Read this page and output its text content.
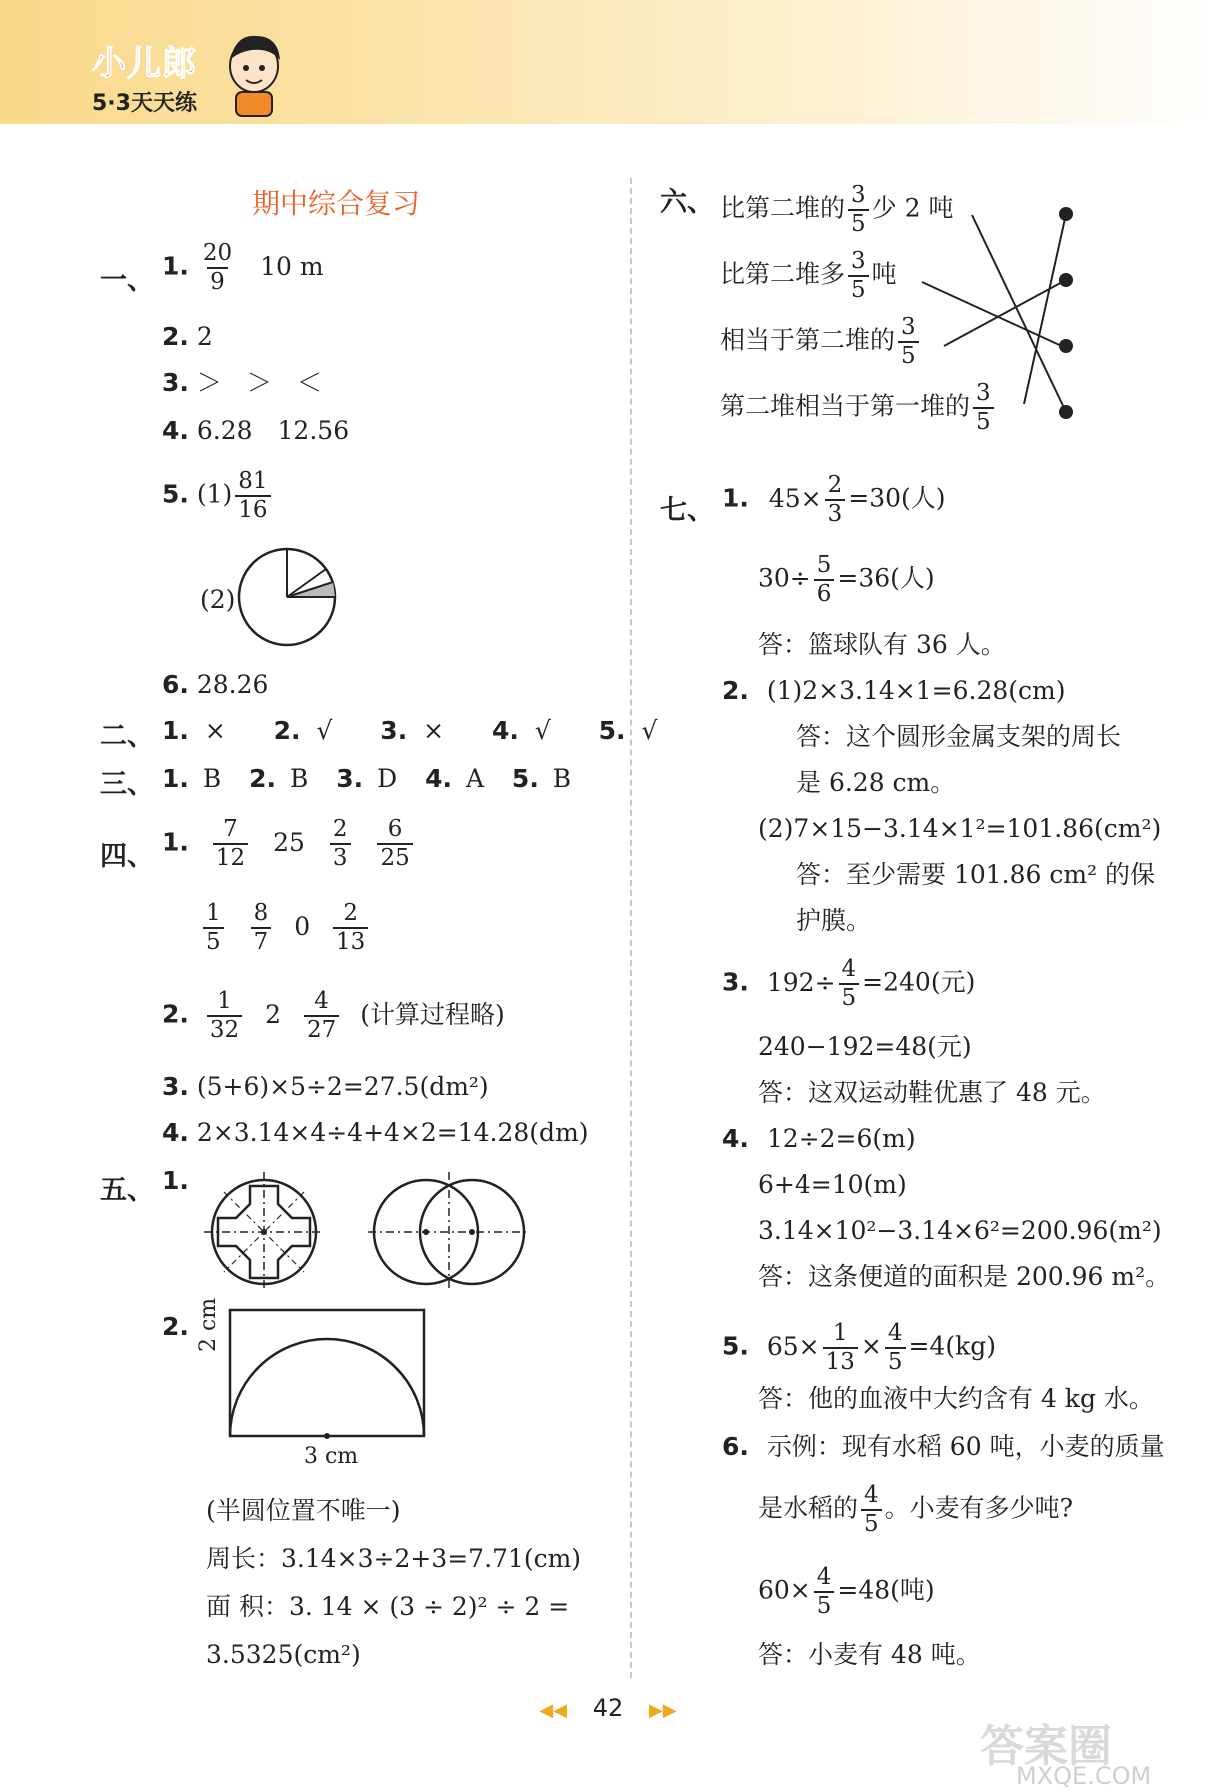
小儿郎
5·3天天练
期中综合复习
一、 1. $\frac{20}{9} 10$ m
2. 2
3. ＞　＞　＜
4. 6.28　12.56
5. $(1) \frac{81}{16}$
(2)
6. 28.26
二、 1. × 2. √ 3. × 4. √ 5. √
三、 1. B 2. B 3. D 4. A 5. B
四、 1. $\frac{7}{12} 25 \frac{2}{3}$
$\frac{6}{25}$
$\frac{1}{5}$
$\frac{8}{7} 0 \frac{2}{13}$
2. $\frac{1}{32} 2 \frac{4}{27}$ (计算过程略)
3. (5+6)×5÷2=27.5(dm²)
4. 2×3.14×4÷4+4×2=14.28(dm)
五、 1.
2. 2 cm
3 cm
(半圆位置不唯一)
周长：3.14×3÷2+3=7.71(cm)
面 积：3. 14 × (3 ÷ 2)² ÷ 2 =
3.5325(cm²)
六、 比第二堆的 $\frac{3}{5}$ 少 2 吨
比第二堆多 $\frac{3}{5}$ 吨
相当于第二堆的 $\frac{3}{5}$
第二堆相当于第一堆的 $\frac{3}{5}$
七、 1. $45\times \frac{2}{3} =30$(人)
$30\div \frac{5}{6} =36$(人)
答：篮球队有 36 人。
2. (1)2×3.14×1=6.28(cm)
答：这个圆形金属支架的周长
是 6.28 cm。
(2)7×15−3.14×1²=101.86(cm²)
答：至少需要 101.86 cm² 的保
护膜。
3. $192\div \frac{4}{5} =240$(元)
240−192=48(元)
答：这双运动鞋优惠了 48 元。
4. 12÷2=6(m)
6+4=10(m)
3.14×10²−3.14×6²=200.96(m²)
答：这条便道的面积是 200.96 m²。
5. $65\times \frac{1}{13} \times \frac{4}{5} =4(kg)$
答：他的血液中大约含有 4 kg 水。
6. 示例：现有水稻 60 吨，小麦的质量
是水稻的 $\frac{4}{5}$ 。小麦有多少吨?
$60\times \frac{4}{5} =48$(吨)
答：小麦有 48 吨。
◀◀ 42 ▶▶
答案圈
MXQE.COM
